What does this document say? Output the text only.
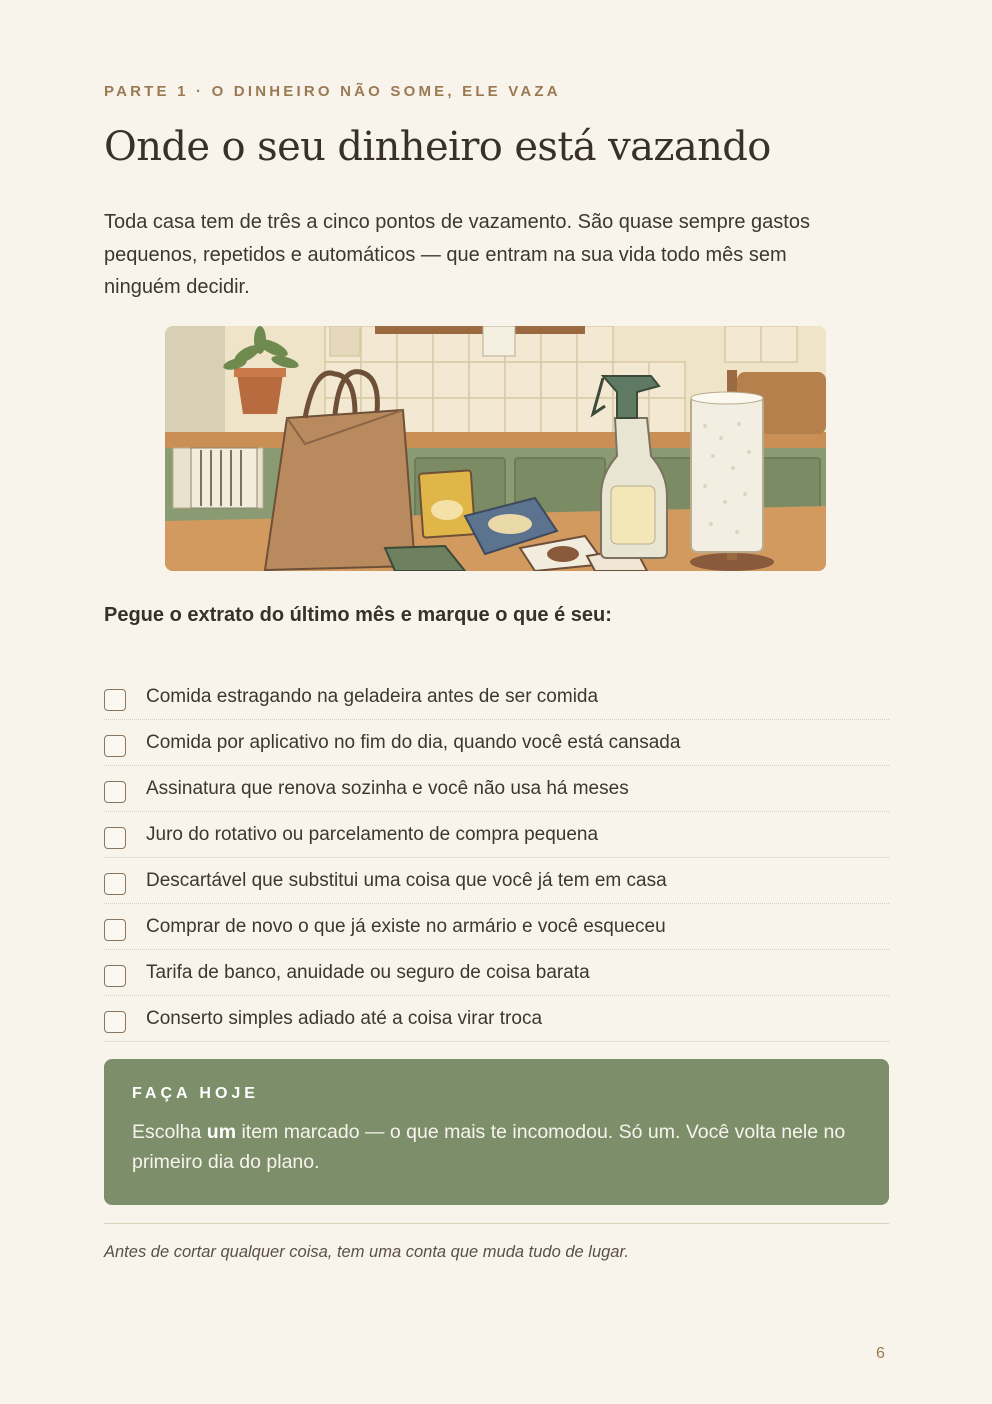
PARTE 1 · O DINHEIRO NÃO SOME, ELE VAZA
Onde o seu dinheiro está vazando

Toda casa tem de três a cinco pontos de vazamento. São quase sempre gastos pequenos, repetidos e automáticos — que entram na sua vida todo mês sem ninguém decidir.

Pegue o extrato do último mês e marque o que é seu:
Comida estragando na geladeira antes de ser comida
Comida por aplicativo no fim do dia, quando você está cansada
Assinatura que renova sozinha e você não usa há meses
Juro do rotativo ou parcelamento de compra pequena
Descartável que substitui uma coisa que você já tem em casa
Comprar de novo o que já existe no armário e você esqueceu
Tarifa de banco, anuidade ou seguro de coisa barata
Conserto simples adiado até a coisa virar troca
FAÇA HOJE
Escolha um item marcado — o que mais te incomodou. Só um. Você volta nele no primeiro dia do plano.
Antes de cortar qualquer coisa, tem uma conta que muda tudo de lugar.
6
